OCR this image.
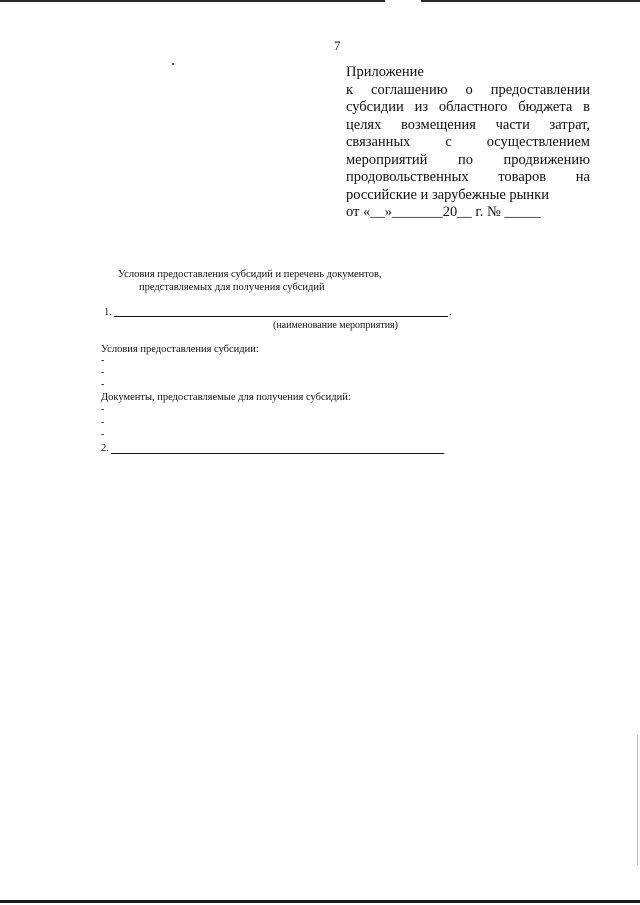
7
Приложение
к соглашению о предоставлении
субсидии из областного бюджета в
целях возмещения части затрат,
связанных с осуществлением
мероприятий по продвижению
продовольственных товаров на
российские и зарубежные рынки
от «__»_______20__ г. № _____
Условия предоставления субсидий и перечень документов,
представляемых для получения субсидий
1.	.
(наименование мероприятия)
Условия предоставления субсидии:
-
-
-
Документы, предоставляемые для получения субсидий:
-
-
-
2.
